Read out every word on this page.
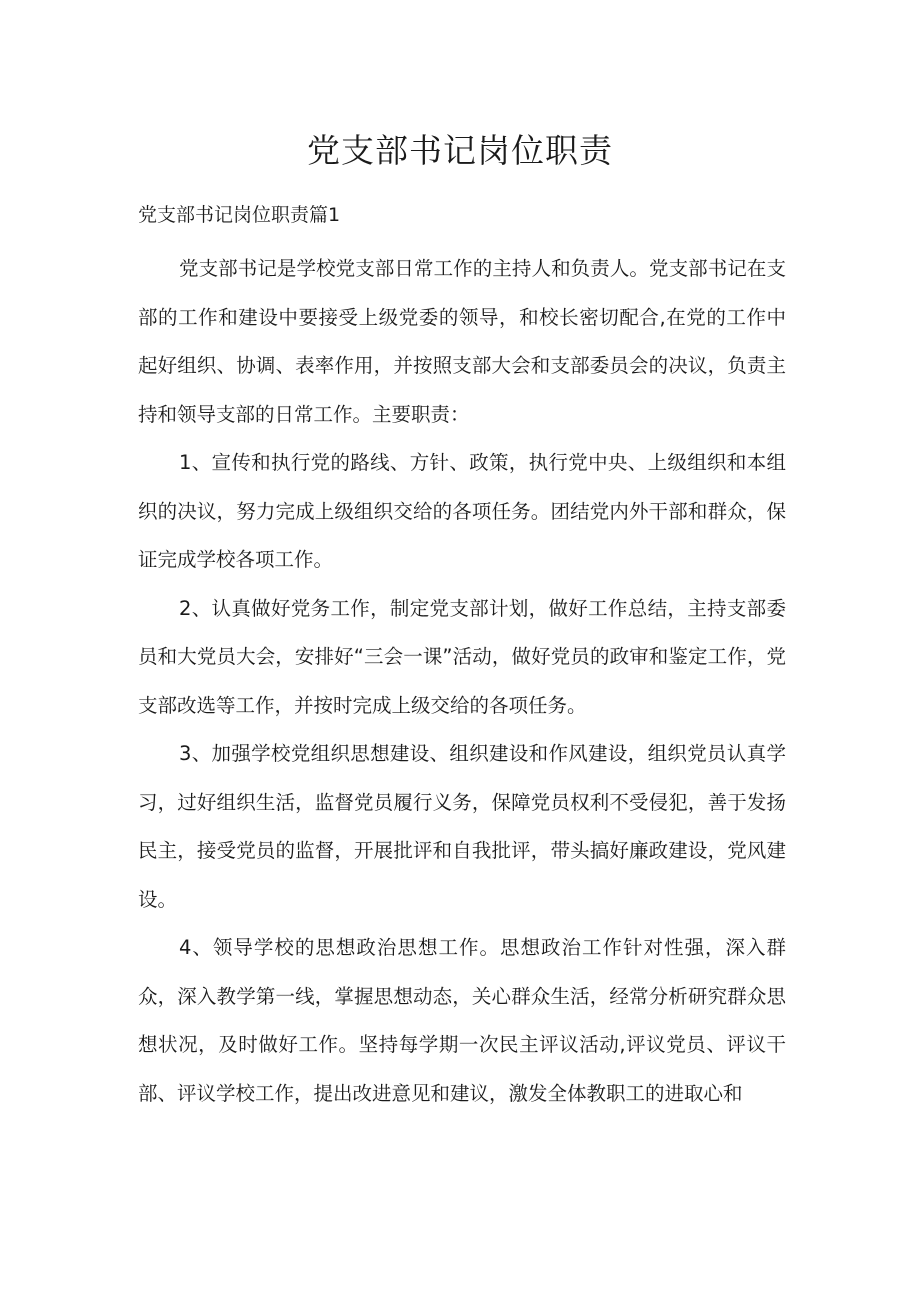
党支部书记岗位职责

党支部书记岗位职责篇1

党支部书记是学校党支部日常工作的主持人和负责人。党支部书记在支部的工作和建设中要接受上级党委的领导，和校长密切配合,在党的工作中起好组织、协调、表率作用，并按照支部大会和支部委员会的决议，负责主持和领导支部的日常工作。主要职责：

1、宣传和执行党的路线、方针、政策，执行党中央、上级组织和本组织的决议，努力完成上级组织交给的各项任务。团结党内外干部和群众，保证完成学校各项工作。

2、认真做好党务工作，制定党支部计划，做好工作总结，主持支部委员和大党员大会，安排好“三会一课”活动，做好党员的政审和鉴定工作，党支部改选等工作，并按时完成上级交给的各项任务。

3、加强学校党组织思想建设、组织建设和作风建设，组织党员认真学习，过好组织生活，监督党员履行义务，保障党员权利不受侵犯，善于发扬民主，接受党员的监督，开展批评和自我批评，带头搞好廉政建设，党风建设。

4、领导学校的思想政治思想工作。思想政治工作针对性强，深入群众，深入教学第一线，掌握思想动态，关心群众生活，经常分析研究群众思想状况，及时做好工作。坚持每学期一次民主评议活动,评议党员、评议干部、评议学校工作，提出改进意见和建议，激发全体教职工的进取心和
